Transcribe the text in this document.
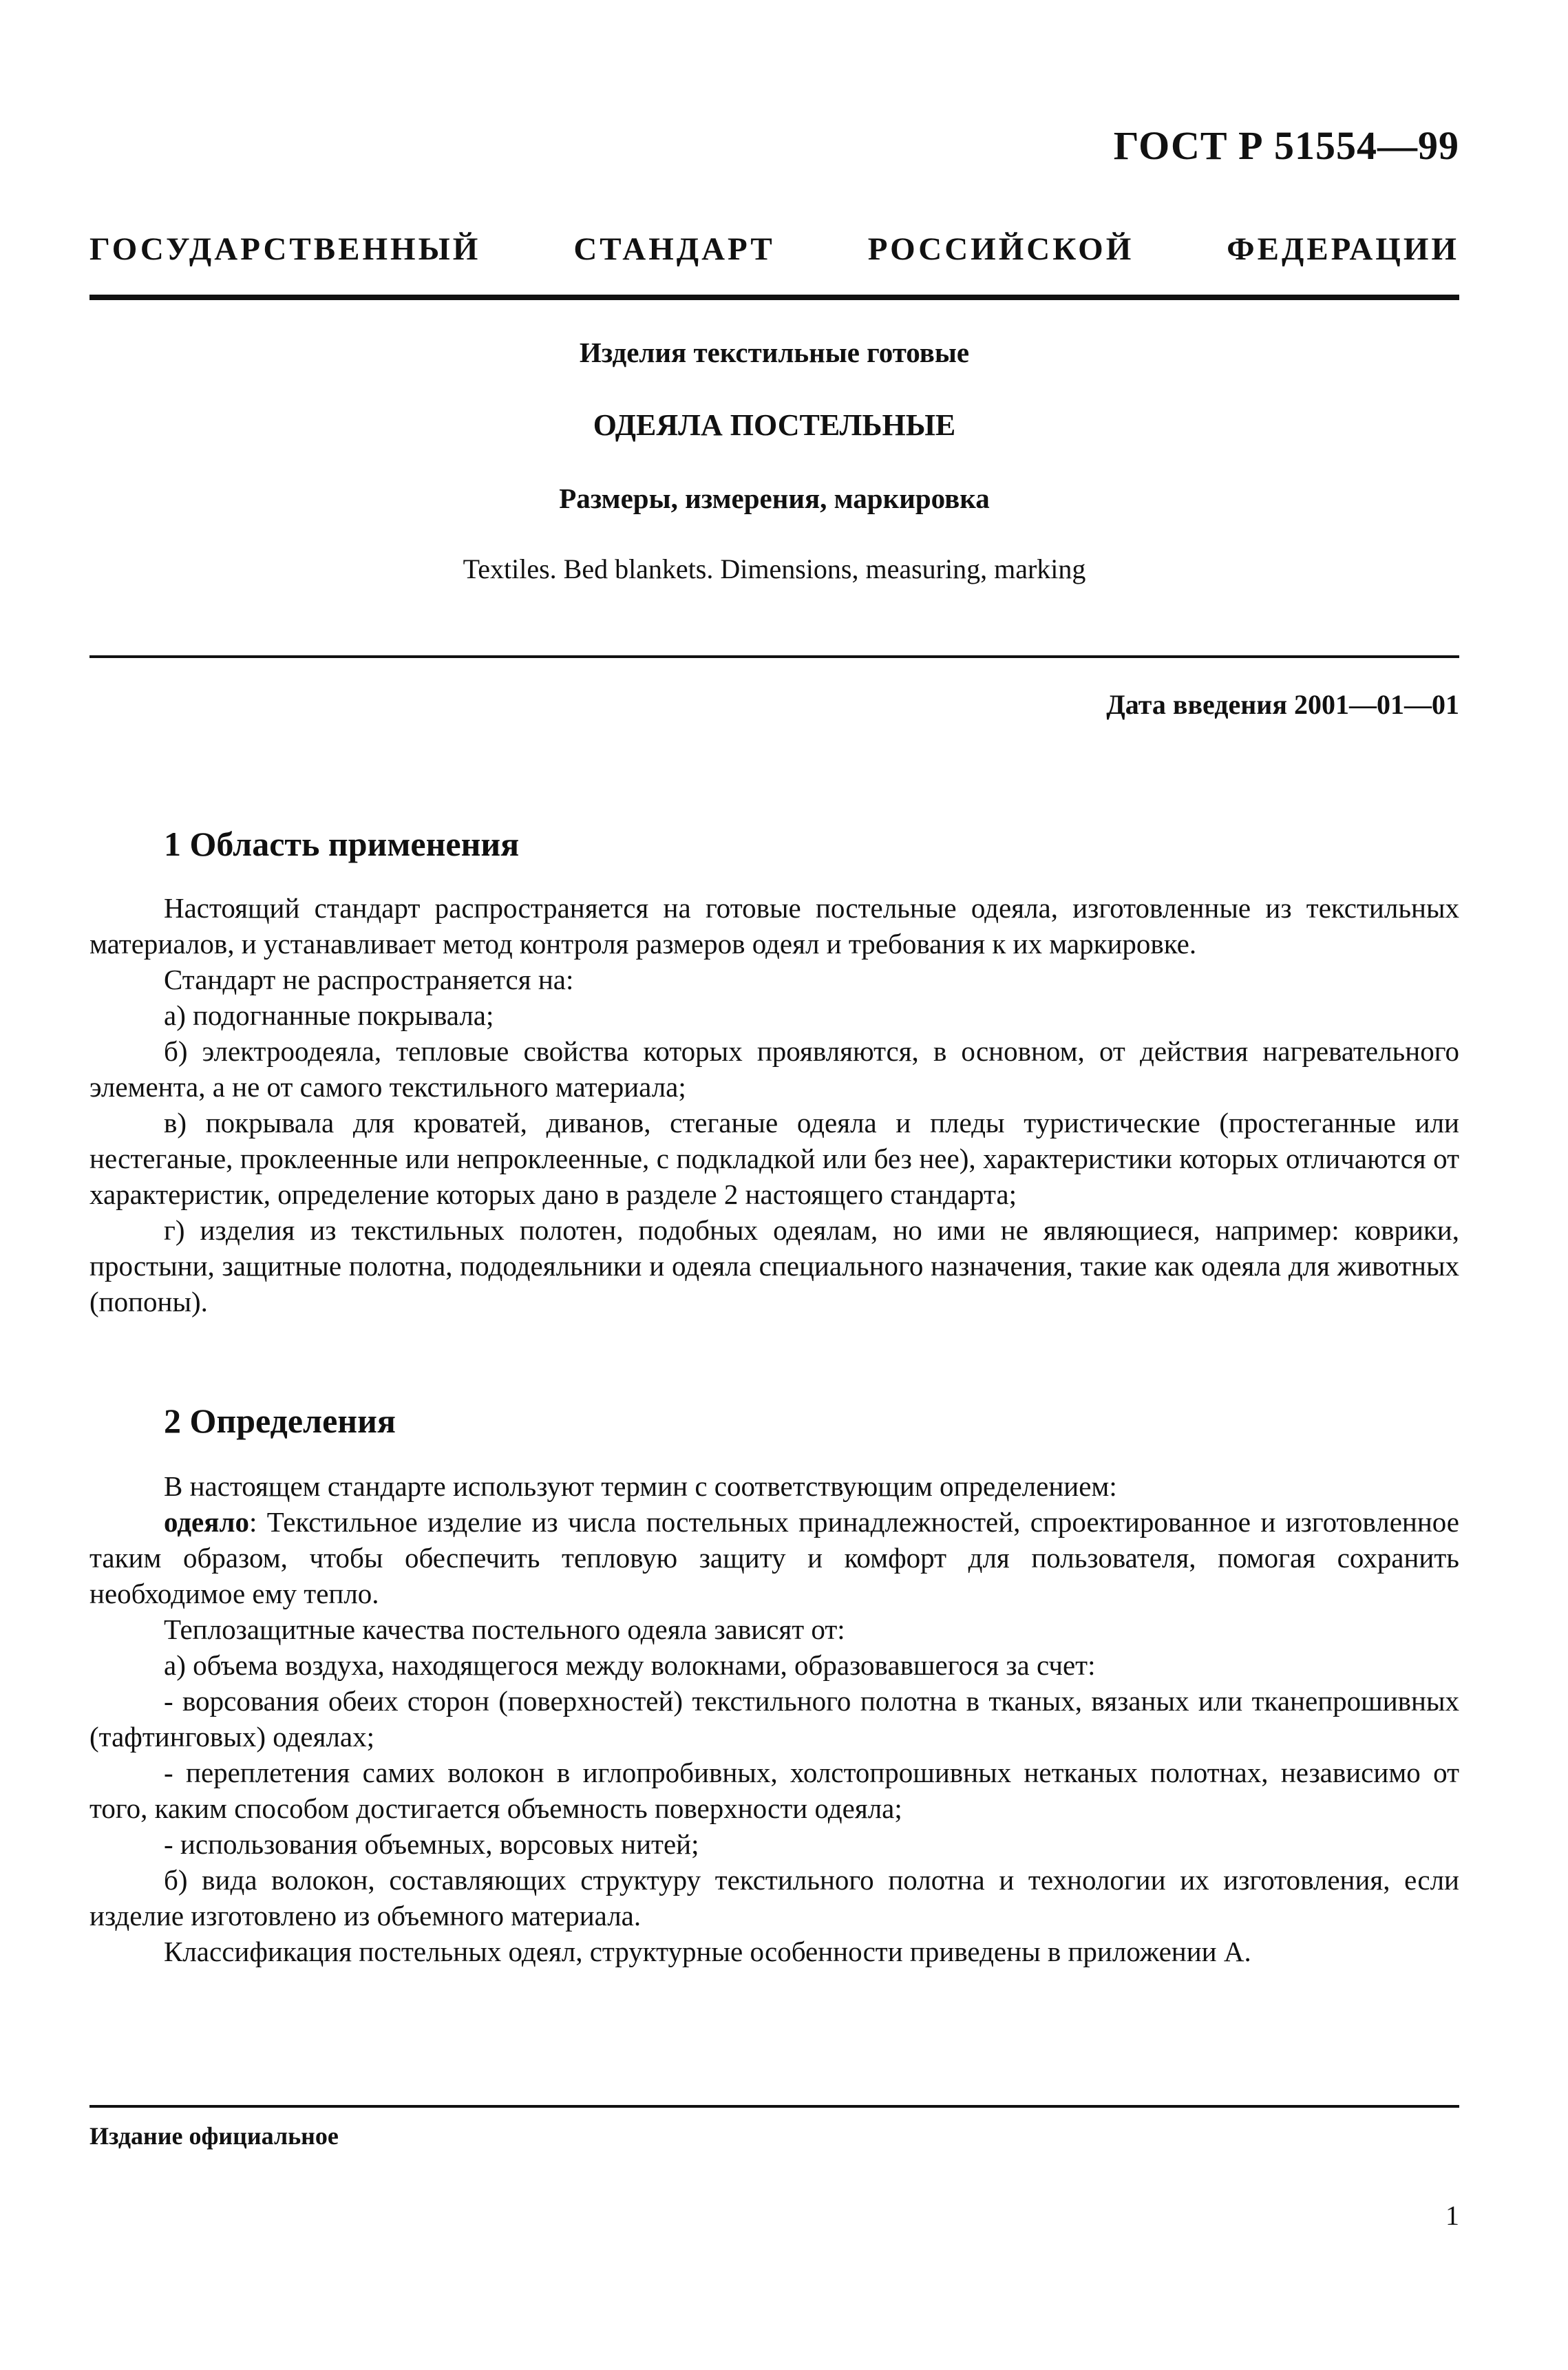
ГОСТ Р 51554—99
ГОСУДАРСТВЕННЫЙ СТАНДАРТ РОССИЙСКОЙ ФЕДЕРАЦИИ
Изделия текстильные готовые
ОДЕЯЛА ПОСТЕЛЬНЫЕ
Размеры, измерения, маркировка
Textiles. Bed blankets. Dimensions, measuring, marking
Дата введения 2001—01—01
1 Область применения

Настоящий стандарт распространяется на готовые постельные одеяла, изготовленные из текстильных материалов, и устанавливает метод контроля размеров одеял и требования к их маркировке.

Стандарт не распространяется на:

а) подогнанные покрывала;

б) электроодеяла, тепловые свойства которых проявляются, в основном, от действия нагревательного элемента, а не от самого текстильного материала;

в) покрывала для кроватей, диванов, стеганые одеяла и пледы туристические (простеганные или нестеганые, проклеенные или непроклеенные, с подкладкой или без нее), характеристики которых отличаются от характеристик, определение которых дано в разделе 2 настоящего стандарта;

г) изделия из текстильных полотен, подобных одеялам, но ими не являющиеся, например: коврики, простыни, защитные полотна, пододеяльники и одеяла специального назначения, такие как одеяла для животных (попоны).

2 Определения

В настоящем стандарте используют термин с соответствующим определением:

одеяло: Текстильное изделие из числа постельных принадлежностей, спроектированное и изготовленное таким образом, чтобы обеспечить тепловую защиту и комфорт для пользователя, помогая сохранить необходимое ему тепло.

Теплозащитные качества постельного одеяла зависят от:

а) объема воздуха, находящегося между волокнами, образовавшегося за счет:

- ворсования обеих сторон (поверхностей) текстильного полотна в тканых, вязаных или тканепрошивных (тафтинговых) одеялах;

- переплетения самих волокон в иглопробивных, холстопрошивных нетканых полотнах, независимо от того, каким способом достигается объемность поверхности одеяла;

- использования объемных, ворсовых нитей;

б) вида волокон, составляющих структуру текстильного полотна и технологии их изготовления, если изделие изготовлено из объемного материала.

Классификация постельных одеял, структурные особенности приведены в приложении А.

Издание официальное
1
